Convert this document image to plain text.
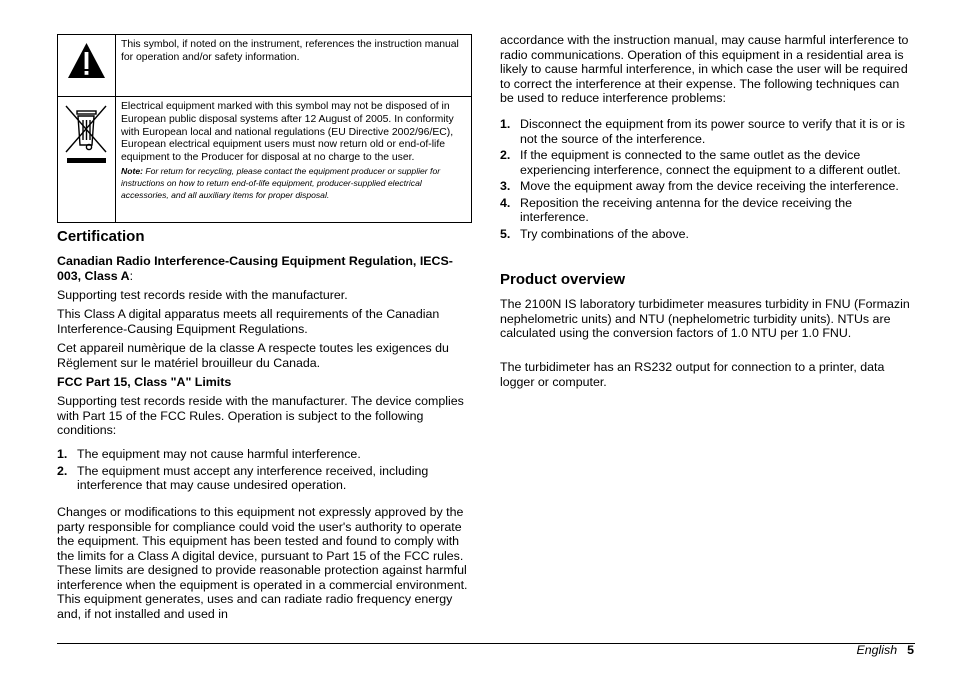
This symbol, if noted on the instrument, references the instruction manual for operation and/or safety information.

Electrical equipment marked with this symbol may not be disposed of in European public disposal systems after 12 August of 2005. In conformity with European local and national regulations (EU Directive 2002/96/EC), European electrical equipment users must now return old or end-of-life equipment to the Producer for disposal at no charge to the user.
Note: For return for recycling, please contact the equipment producer or supplier for instructions on how to return end-of-life equipment, producer-supplied electrical accessories, and all auxiliary items for proper disposal.
Certification
Canadian Radio Interference-Causing Equipment Regulation, IECS-003, Class A:

Supporting test records reside with the manufacturer.

This Class A digital apparatus meets all requirements of the Canadian Interference-Causing Equipment Regulations.

Cet appareil numèrique de la classe A respecte toutes les exigences du Rëglement sur le matériel brouilleur du Canada.

FCC Part 15, Class "A" Limits

Supporting test records reside with the manufacturer. The device complies with Part 15 of the FCC Rules. Operation is subject to the following conditions:

1. The equipment may not cause harmful interference.
2. The equipment must accept any interference received, including interference that may cause undesired operation.

Changes or modifications to this equipment not expressly approved by the party responsible for compliance could void the user's authority to operate the equipment. This equipment has been tested and found to comply with the limits for a Class A digital device, pursuant to Part 15 of the FCC rules. These limits are designed to provide reasonable protection against harmful interference when the equipment is operated in a commercial environment. This equipment generates, uses and can radiate radio frequency energy and, if not installed and used in

accordance with the instruction manual, may cause harmful interference to radio communications. Operation of this equipment in a residential area is likely to cause harmful interference, in which case the user will be required to correct the interference at their expense. The following techniques can be used to reduce interference problems:

1. Disconnect the equipment from its power source to verify that it is or is not the source of the interference.
2. If the equipment is connected to the same outlet as the device experiencing interference, connect the equipment to a different outlet.
3. Move the equipment away from the device receiving the interference.
4. Reposition the receiving antenna for the device receiving the interference.
5. Try combinations of the above.
Product overview

The 2100N IS laboratory turbidimeter measures turbidity in FNU (Formazin nephelometric units) and NTU (nephelometric turbidity units). NTUs are calculated using the conversion factors of 1.0 NTU per 1.0 FNU.

The turbidimeter has an RS232 output for connection to a printer, data logger or computer.

English 5
